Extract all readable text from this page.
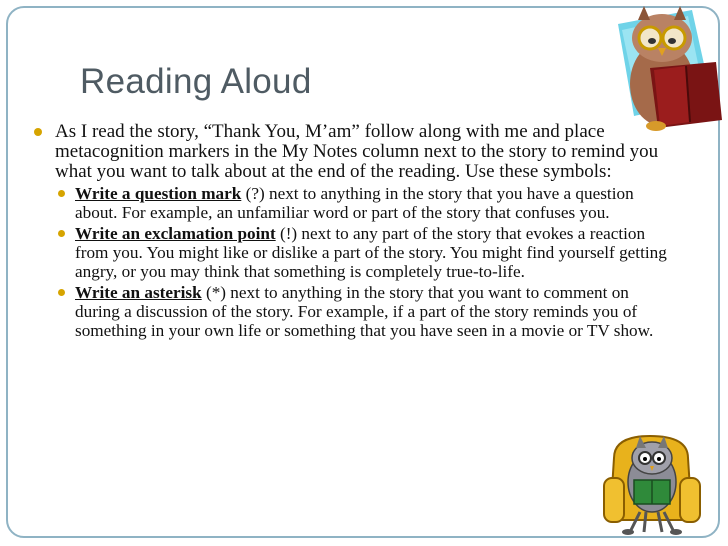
Reading Aloud
As I read the story, “Thank You, M’am” follow along with me and place metacognition markers in the My Notes column next to the story to remind you what you want to talk about at the end of the reading. Use these symbols:
Write a question mark (?) next to anything in the story that you have a question about. For example, an unfamiliar word or part of the story that confuses you.
Write an exclamation point (!) next to any part of the story that evokes a reaction from you. You might like or dislike a part of the story. You might find yourself getting angry, or you may think that something is completely true-to-life.
Write an asterisk (*) next to anything in the story that you want to comment on during a discussion of the story. For example, if a part of the story reminds you of something in your own life or something that you have seen in a movie or TV show.
